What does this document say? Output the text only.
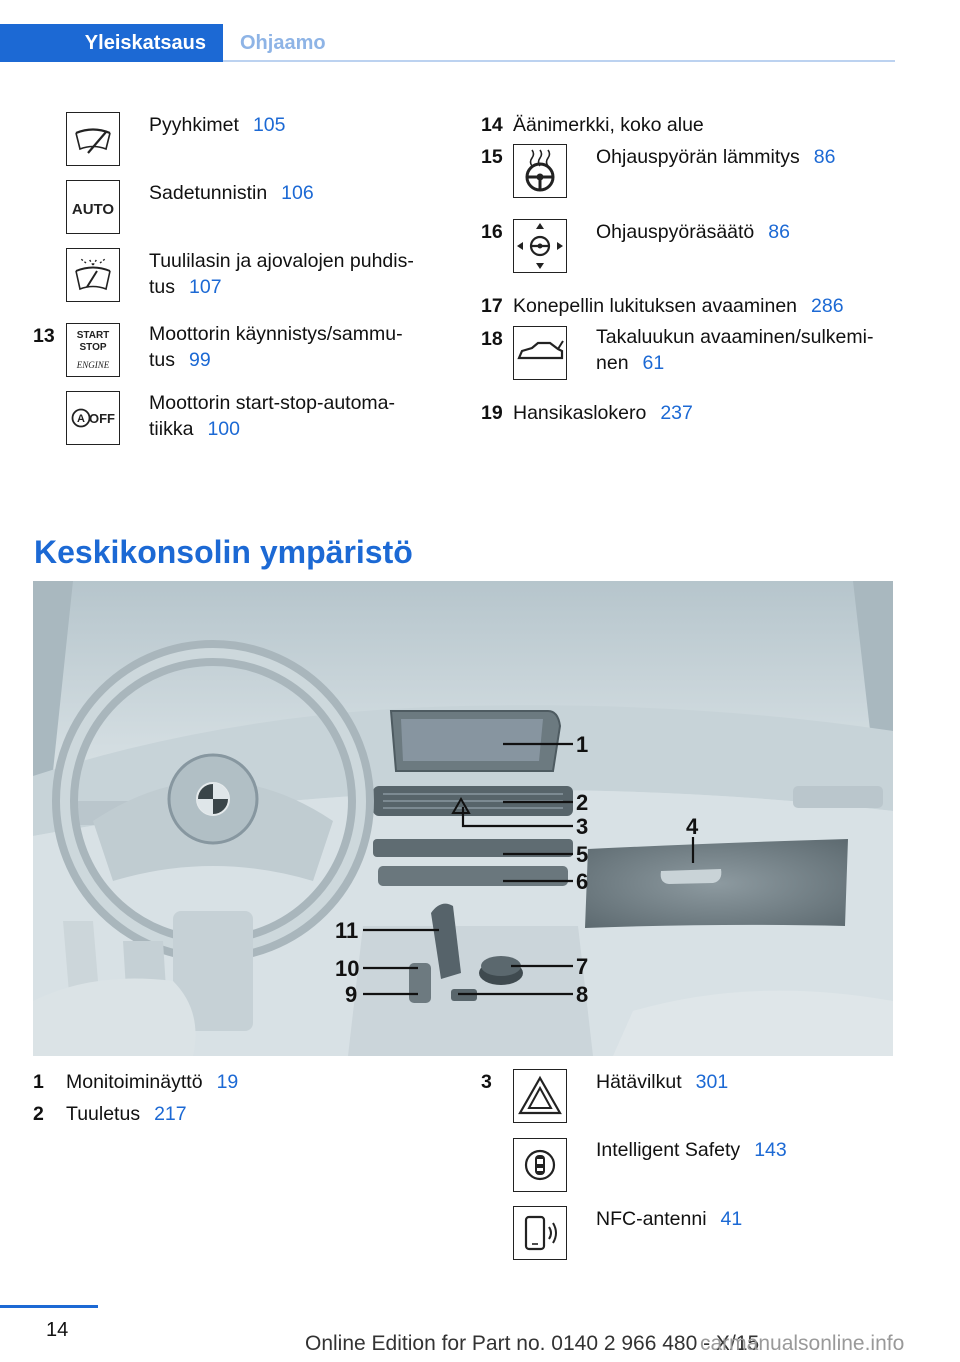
Yleiskatsaus	Ohjaamo
Pyyhkimet 105
AUTO
Sadetunnistin 106
Tuulilasin ja ajovalojen puhdis-
tus 107
13 START
STOP
ENGINE
Moottorin käynnistys/sammu-
tus 99
A OFF
Moottorin start-stop-automa-
tiikka 100
14 Äänimerkki, koko alue
15	Ohjauspyörän lämmitys 86
16	Ohjauspyöräsäätö 86
17 Konepellin lukituksen avaaminen 286
18	Takaluukun avaaminen/sulkemi-
nen 61
19 Hansikaslokero 237
Keskikonsolin ympäristö
1
2
3	4
5
6
7
8
9
10
11
1 Monitoiminäyttö 19
2 Tuuletus 217
3	Hätävilkut 301
Intelligent Safety 143
NFC-antenni 41
14
Online Edition for Part no. 0140 2 966 480 - X/15
carmanualsonline.info
